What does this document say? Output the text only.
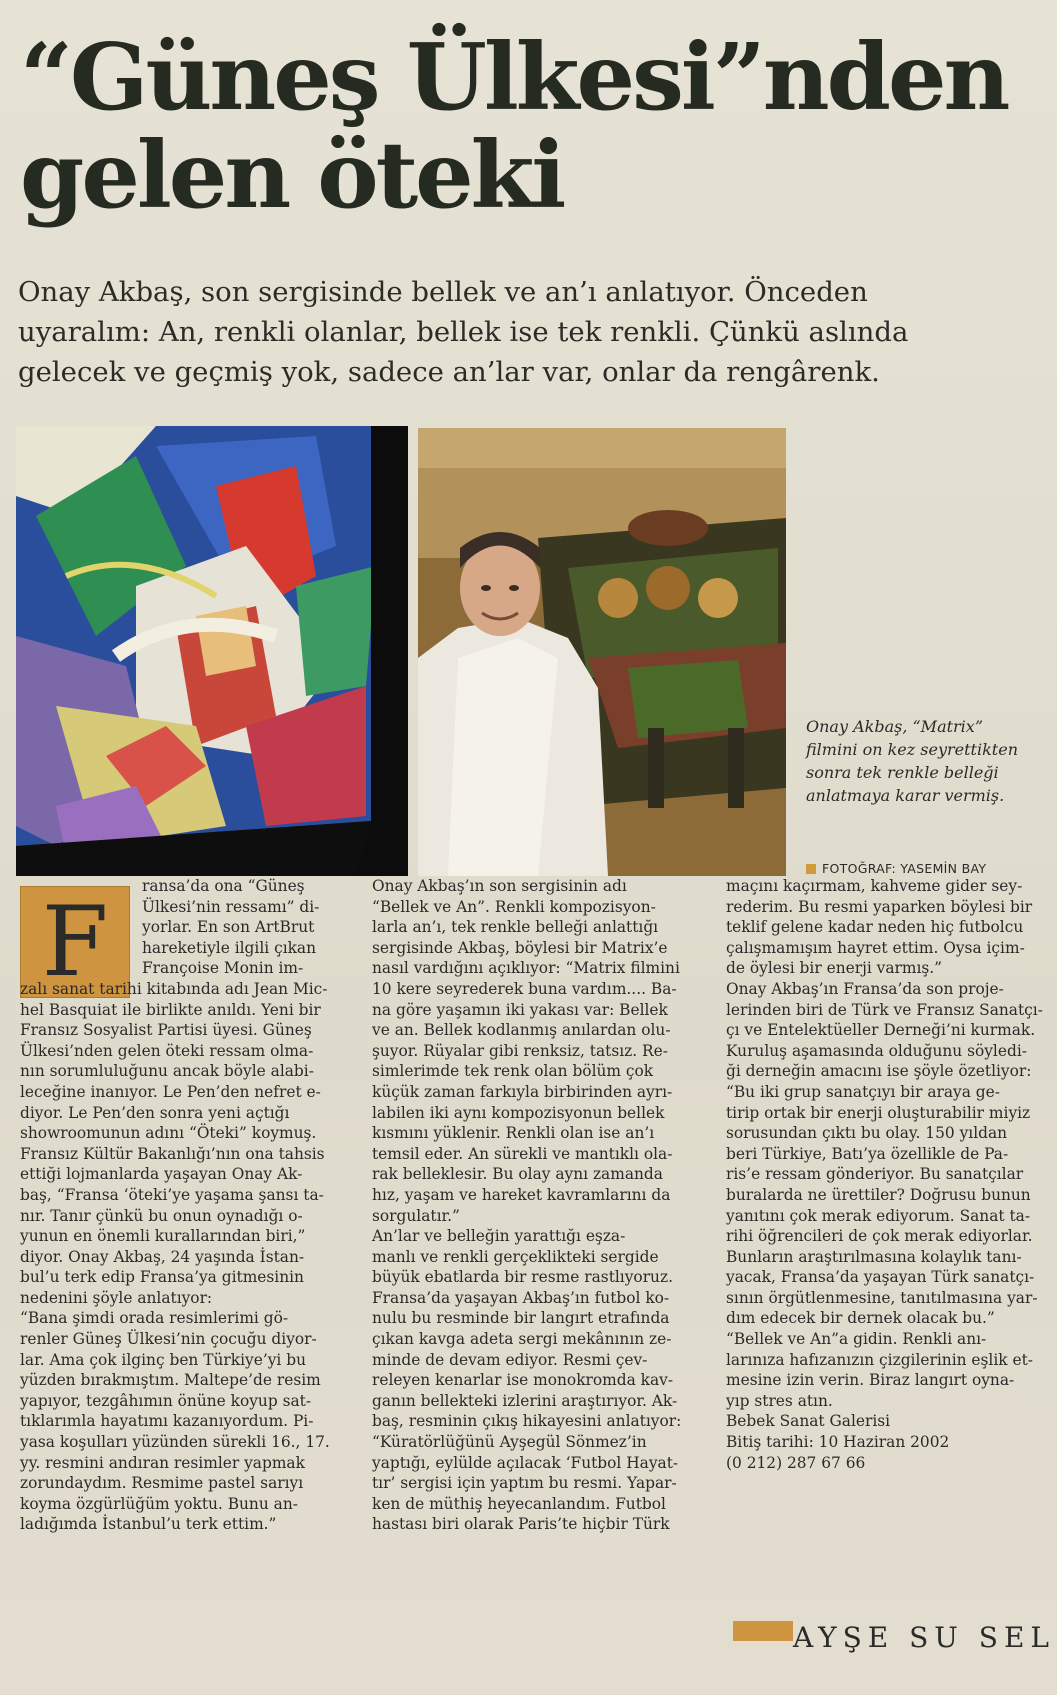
“Güneş Ülkesi”nden
gelen öteki

Onay Akbaş, son sergisinde bellek ve an’ı anlatıyor. Önceden
uyaralım: An, renkli olanlar, bellek ise tek renkli. Çünkü aslında
gelecek ve geçmiş yok, sadece an’lar var, onlar da rengârenk.

Onay Akbaş, “Matrix”
filmini on kez seyrettikten
sonra tek renkle belleği
anlatmaya karar vermiş.

FOTOĞRAF: YASEMİN BAY
F	ransa’da ona “Güneş
Ülkesi’nin ressamı” di-
yorlar. En son ArtBrut
hareketiyle ilgili çıkan
Françoise Monin im-
zalı sanat tarihi kitabında adı Jean Mic-
hel Basquiat ile birlikte anıldı. Yeni bir
Fransız Sosyalist Partisi üyesi. Güneş
Ülkesi’nden gelen öteki ressam olma-
nın sorumluluğunu ancak böyle alabi-
leceğine inanıyor. Le Pen’den nefret e-
diyor. Le Pen’den sonra yeni açtığı
showroomunun adını “Öteki” koymuş.
Fransız Kültür Bakanlığı’nın ona tahsis
ettiği lojmanlarda yaşayan Onay Ak-
baş, “Fransa ‘öteki’ye yaşama şansı ta-
nır. Tanır çünkü bu onun oynadığı o-
yunun en önemli kurallarından biri,”
diyor. Onay Akbaş, 24 yaşında İstan-
bul’u terk edip Fransa’ya gitmesinin
nedenini şöyle anlatıyor:
“Bana şimdi orada resimlerimi gö-
renler Güneş Ülkesi’nin çocuğu diyor-
lar. Ama çok ilginç ben Türkiye’yi bu
yüzden bırakmıştım. Maltepe’de resim
yapıyor, tezgâhımın önüne koyup sat-
tıklarımla hayatımı kazanıyordum. Pi-
yasa koşulları yüzünden sürekli 16., 17.
yy. resmini andıran resimler yapmak
zorundaydım. Resmime pastel sarıyı
koyma özgürlüğüm yoktu. Bunu an-
ladığımda İstanbul’u terk ettim.”
Onay Akbaş’ın son sergisinin adı
“Bellek ve An”. Renkli kompozisyon-
larla an’ı, tek renkle belleği anlattığı
sergisinde Akbaş, böylesi bir Matrix’e
nasıl vardığını açıklıyor: “Matrix filmini
10 kere seyrederek buna vardım.... Ba-
na göre yaşamın iki yakası var: Bellek
ve an. Bellek kodlanmış anılardan olu-
şuyor. Rüyalar gibi renksiz, tatsız. Re-
simlerimde tek renk olan bölüm çok
küçük zaman farkıyla birbirinden ayrı-
labilen iki aynı kompozisyonun bellek
kısmını yüklenir. Renkli olan ise an’ı
temsil eder. An sürekli ve mantıklı ola-
rak belleklesir. Bu olay aynı zamanda
hız, yaşam ve hareket kavramlarını da
sorgulatır.”
An’lar ve belleğin yarattığı eşza-
manlı ve renkli gerçeklikteki sergide
büyük ebatlarda bir resme rastlıyoruz.
Fransa’da yaşayan Akbaş’ın futbol ko-
nulu bu resminde bir langırt etrafında
çıkan kavga adeta sergi mekânının ze-
minde de devam ediyor. Resmi çev-
releyen kenarlar ise monokromda kav-
ganın bellekteki izlerini araştırıyor. Ak-
baş, resminin çıkış hikayesini anlatıyor:
“Küratörlüğünü Ayşegül Sönmez’in
yaptığı, eylülde açılacak ‘Futbol Hayat-
tır’ sergisi için yaptım bu resmi. Yapar-
ken de müthiş heyecanlandım. Futbol
hastası biri olarak Paris’te hiçbir Türk
maçını kaçırmam, kahveme gider sey-
rederim. Bu resmi yaparken böylesi bir
teklif gelene kadar neden hiç futbolcu
çalışmamışım hayret ettim. Oysa içim-
de öylesi bir enerji varmış.”
Onay Akbaş’ın Fransa’da son proje-
lerinden biri de Türk ve Fransız Sanatçı-
çı ve Entelektüeller Derneği’ni kurmak.
Kuruluş aşamasında olduğunu söyledi-
ği derneğin amacını ise şöyle özetliyor:
“Bu iki grup sanatçıyı bir araya ge-
tirip ortak bir enerji oluşturabilir miyiz
sorusundan çıktı bu olay. 150 yıldan
beri Türkiye, Batı’ya özellikle de Pa-
ris’e ressam gönderiyor. Bu sanatçılar
buralarda ne ürettiler? Doğrusu bunun
yanıtını çok merak ediyorum. Sanat ta-
rihi öğrencileri de çok merak ediyorlar.
Bunların araştırılmasına kolaylık tanı-
yacak, Fransa’da yaşayan Türk sanatçı-
sının örgütlenmesine, tanıtılmasına yar-
dım edecek bir dernek olacak bu.”
“Bellek ve An”a gidin. Renkli anı-
larınıza hafızanızın çizgilerinin eşlik et-
mesine izin verin. Biraz langırt oyna-
yıp stres atın.
Bebek Sanat Galerisi
Bitiş tarihi: 10 Haziran 2002
(0 212) 287 67 66
AYŞE SU SEL
